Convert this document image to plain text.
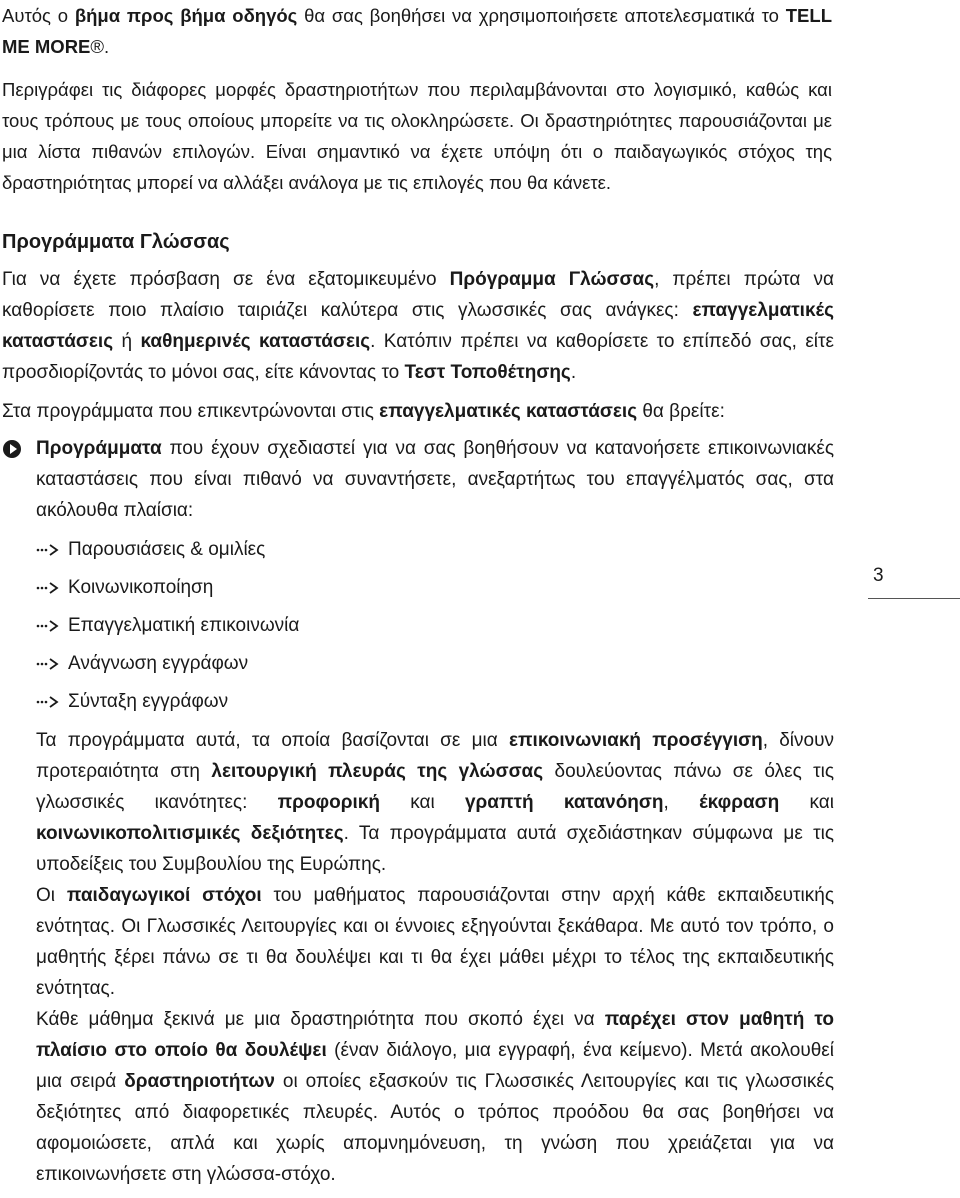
Αυτός ο βήμα προς βήμα οδηγός θα σας βοηθήσει να χρησιμοποιήσετε αποτελεσματικά το TELL ME MORE®.

Περιγράφει τις διάφορες μορφές δραστηριοτήτων που περιλαμβάνονται στο λογισμικό, καθώς και τους τρόπους με τους οποίους μπορείτε να τις ολοκληρώσετε. Οι δραστηριότητες παρουσιάζονται με μια λίστα πιθανών επιλογών. Είναι σημαντικό να έχετε υπόψη ότι ο παιδαγωγικός στόχος της δραστηριότητας μπορεί να αλλάξει ανάλογα με τις επιλογές που θα κάνετε.

Προγράμματα Γλώσσας

Για να έχετε πρόσβαση σε ένα εξατομικευμένο Πρόγραμμα Γλώσσας, πρέπει πρώτα να καθορίσετε ποιο πλαίσιο ταιριάζει καλύτερα στις γλωσσικές σας ανάγκες: επαγγελματικές καταστάσεις ή καθημερινές καταστάσεις. Κατόπιν πρέπει να καθορίσετε το επίπεδό σας, είτε προσδιορίζοντάς το μόνοι σας, είτε κάνοντας το Τεστ Τοποθέτησης.

Στα προγράμματα που επικεντρώνονται στις επαγγελματικές καταστάσεις θα βρείτε:

Προγράμματα που έχουν σχεδιαστεί για να σας βοηθήσουν να κατανοήσετε επικοινωνιακές καταστάσεις που είναι πιθανό να συναντήσετε, ανεξαρτήτως του επαγγέλματός σας, στα ακόλουθα πλαίσια:

Παρουσιάσεις & ομιλίες
Κοινωνικοποίηση
Επαγγελματική επικοινωνία
Ανάγνωση εγγράφων
Σύνταξη εγγράφων

Τα προγράμματα αυτά, τα οποία βασίζονται σε μια επικοινωνιακή προσέγγιση, δίνουν προτεραιότητα στη λειτουργική πλευράς της γλώσσας δουλεύοντας πάνω σε όλες τις γλωσσικές ικανότητες: προφορική και γραπτή κατανόηση, έκφραση και κοινωνικοπολιτισμικές δεξιότητες. Τα προγράμματα αυτά σχεδιάστηκαν σύμφωνα με τις υποδείξεις του Συμβουλίου της Ευρώπης.

Οι παιδαγωγικοί στόχοι του μαθήματος παρουσιάζονται στην αρχή κάθε εκπαιδευτικής ενότητας. Οι Γλωσσικές Λειτουργίες και οι έννοιες εξηγούνται ξεκάθαρα. Με αυτό τον τρόπο, ο μαθητής ξέρει πάνω σε τι θα δουλέψει και τι θα έχει μάθει μέχρι το τέλος της εκπαιδευτικής ενότητας.

Κάθε μάθημα ξεκινά με μια δραστηριότητα που σκοπό έχει να παρέχει στον μαθητή το πλαίσιο στο οποίο θα δουλέψει (έναν διάλογο, μια εγγραφή, ένα κείμενο). Μετά ακολουθεί μια σειρά δραστηριοτήτων οι οποίες εξασκούν τις Γλωσσικές Λειτουργίες και τις γλωσσικές δεξιότητες από διαφορετικές πλευρές. Αυτός ο τρόπος προόδου θα σας βοηθήσει να αφομοιώσετε, απλά και χωρίς απομνημόνευση, τη γνώση που χρειάζεται για να επικοινωνήσετε στη γλώσσα-στόχο.

3
